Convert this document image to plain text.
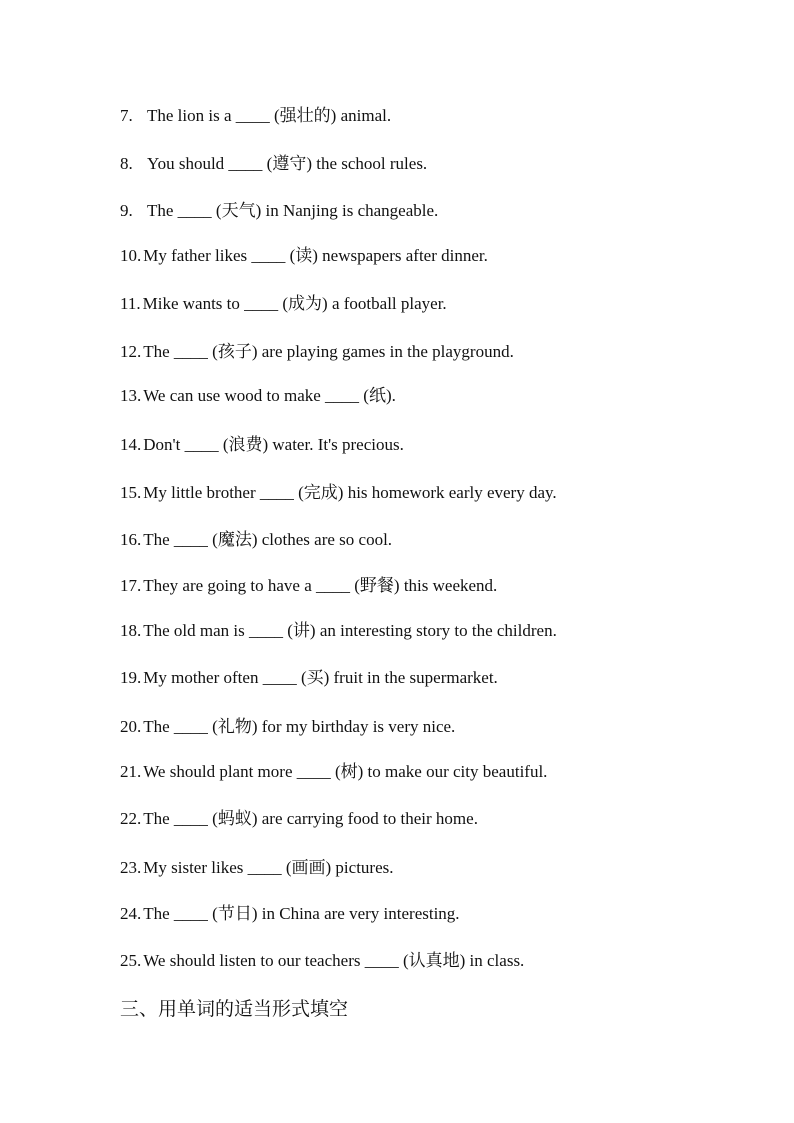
7. The lion is a ____ (强壮的) animal.
8. You should ____ (遵守) the school rules.
9. The ____ (天气) in Nanjing is changeable.
10. My father likes ____ (读) newspapers after dinner.
11. Mike wants to ____ (成为) a football player.
12. The ____ (孩子) are playing games in the playground.
13. We can use wood to make ____ (纸).
14. Don't ____ (浪费) water. It's precious.
15. My little brother ____ (完成) his homework early every day.
16. The ____ (魔法) clothes are so cool.
17. They are going to have a ____ (野餐) this weekend.
18. The old man is ____ (讲) an interesting story to the children.
19. My mother often ____ (买) fruit in the supermarket.
20. The ____ (礼物) for my birthday is very nice.
21. We should plant more ____ (树) to make our city beautiful.
22. The ____ (蚂蚁) are carrying food to their home.
23. My sister likes ____ (画画) pictures.
24. The ____ (节日) in China are very interesting.
25. We should listen to our teachers ____ (认真地) in class.
三、用单词的适当形式填空
